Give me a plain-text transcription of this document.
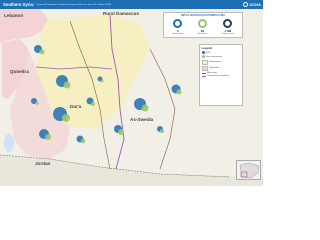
Southern Syria: Displaced Population & Internally Displaced Persons (as of 31 October 2016)	OCHA
Lebanon	Rural Damascus
Quneitra
Dar'a
As-Sweida
Jordan
IDPS & HOSTED IN SOUTHERN SYRIA
4
Governorates
63
Sub-districts
1.3M
People in need
Legend
IDPs
Host community
Government
Opposition
Main road
Governorate boundary
